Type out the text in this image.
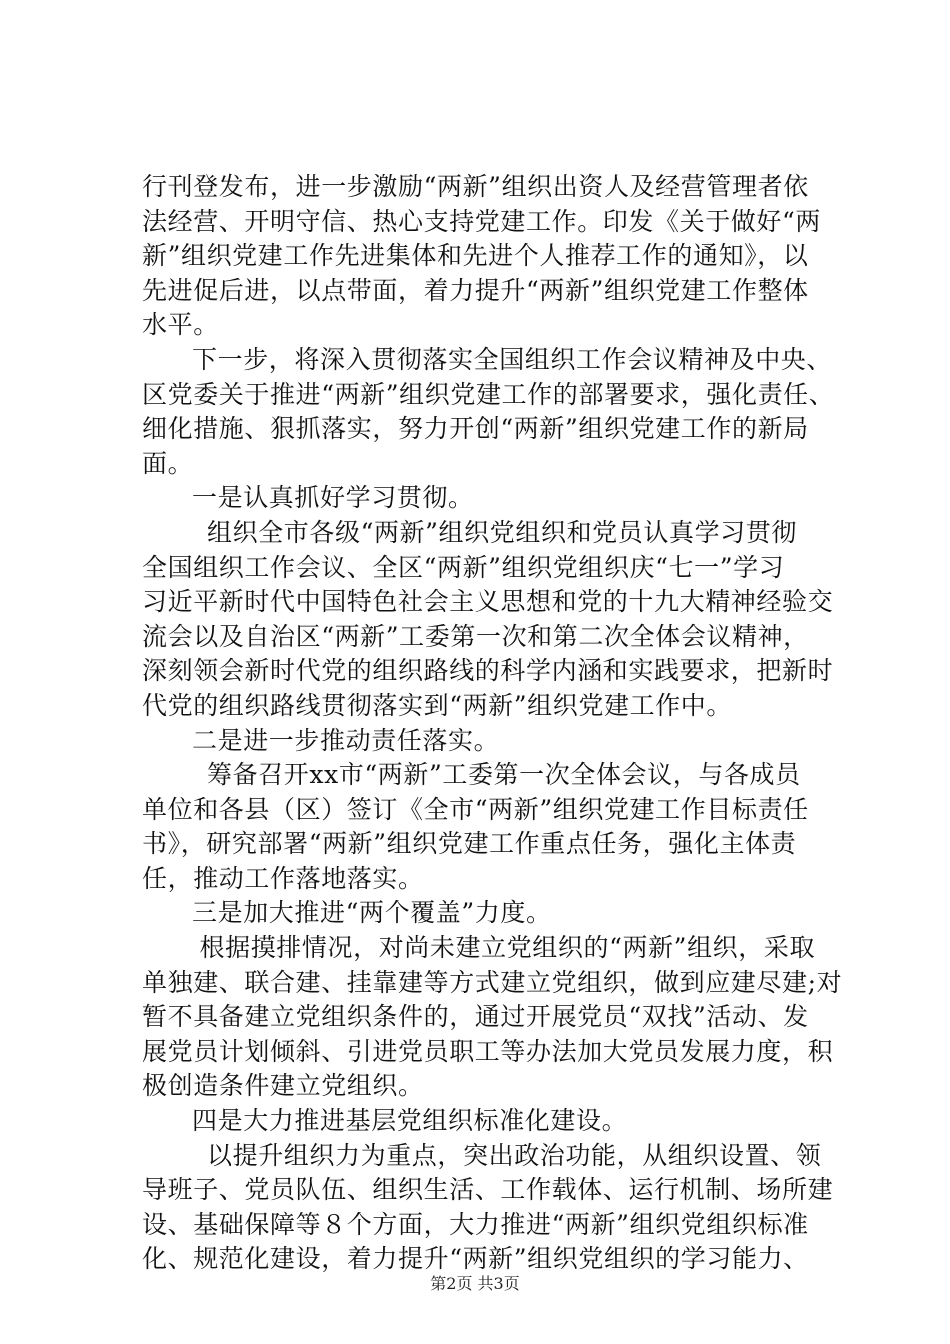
行刊登发布，进一步激励“两新”组织出资人及经营管理者依
法经营、开明守信、热心支持党建工作。印发《关于做好“两
新”组织党建工作先进集体和先进个人推荐工作的通知》，以
先进促后进，以点带面，着力提升“两新”组织党建工作整体
水平。
下一步，将深入贯彻落实全国组织工作会议精神及中央、
区党委关于推进“两新”组织党建工作的部署要求，强化责任、
细化措施、狠抓落实，努力开创“两新”组织党建工作的新局
面。
一是认真抓好学习贯彻。
组织全市各级“两新”组织党组织和党员认真学习贯彻
全国组织工作会议、全区“两新”组织党组织庆“七一”学习
习近平新时代中国特色社会主义思想和党的十九大精神经验交
流会以及自治区“两新”工委第一次和第二次全体会议精神，
深刻领会新时代党的组织路线的科学内涵和实践要求，把新时
代党的组织路线贯彻落实到“两新”组织党建工作中。
二是进一步推动责任落实。
筹备召开xx市“两新”工委第一次全体会议，与各成员
单位和各县（区）签订《全市“两新”组织党建工作目标责任
书》，研究部署“两新”组织党建工作重点任务，强化主体责
任，推动工作落地落实。
三是加大推进“两个覆盖”力度。
根据摸排情况，对尚未建立党组织的“两新”组织，采取
单独建、联合建、挂靠建等方式建立党组织，做到应建尽建;对
暂不具备建立党组织条件的，通过开展党员“双找”活动、发
展党员计划倾斜、引进党员职工等办法加大党员发展力度，积
极创造条件建立党组织。
四是大力推进基层党组织标准化建设。
以提升组织力为重点，突出政治功能，从组织设置、领
导班子、党员队伍、组织生活、工作载体、运行机制、场所建
设、基础保障等８个方面，大力推进“两新”组织党组织标准
化、规范化建设，着力提升“两新”组织党组织的学习能力、
第2页 共3页
